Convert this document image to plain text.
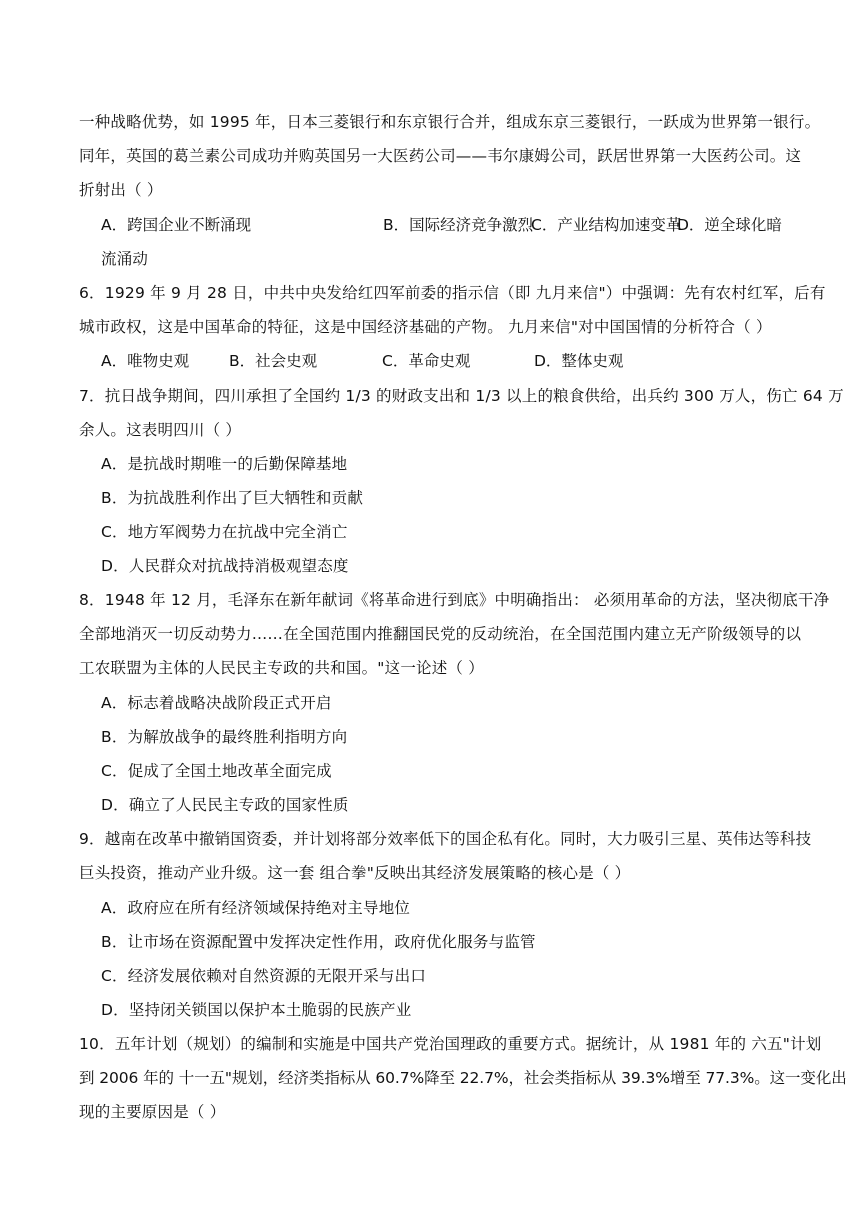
一种战略优势，如 1995 年，日本三菱银行和东京银行合并，组成东京三菱银行，一跃成为世界第一银行。
同年，英国的葛兰素公司成功并购英国另一大医药公司——韦尔康姆公司，跃居世界第一大医药公司。这
折射出（ ）
A．跨国企业不断涌现	B．国际经济竞争激烈
C．产业结构加速变革
D．逆全球化暗
流涌动
6．1929 年 9 月 28 日，中共中央发给红四军前委的指示信（即 九月来信"）中强调：先有农村红军，后有
城市政权，这是中国革命的特征，这是中国经济基础的产物。 九月来信"对中国国情的分析符合（ ）
A．唯物史观	B．社会史观	C．革命史观	D．整体史观
7．抗日战争期间，四川承担了全国约 1/3 的财政支出和 1/3 以上的粮食供给，出兵约 300 万人，伤亡 64 万
余人。这表明四川（ ）
A．是抗战时期唯一的后勤保障基地
B．为抗战胜利作出了巨大牺牲和贡献
C．地方军阀势力在抗战中完全消亡
D．人民群众对抗战持消极观望态度
8．1948 年 12 月，毛泽东在新年献词《将革命进行到底》中明确指出： 必须用革命的方法，坚决彻底干净
全部地消灭一切反动势力……在全国范围内推翻国民党的反动统治，在全国范围内建立无产阶级领导的以
工农联盟为主体的人民民主专政的共和国。"这一论述（ ）
A．标志着战略决战阶段正式开启
B．为解放战争的最终胜利指明方向
C．促成了全国土地改革全面完成
D．确立了人民民主专政的国家性质
9．越南在改革中撤销国资委，并计划将部分效率低下的国企私有化。同时，大力吸引三星、英伟达等科技
巨头投资，推动产业升级。这一套 组合拳"反映出其经济发展策略的核心是（ ）
A．政府应在所有经济领域保持绝对主导地位
B．让市场在资源配置中发挥决定性作用，政府优化服务与监管
C．经济发展依赖对自然资源的无限开采与出口
D．坚持闭关锁国以保护本土脆弱的民族产业
10．五年计划（规划）的编制和实施是中国共产党治国理政的重要方式。据统计，从 1981 年的 六五"计划
到 2006 年的 十一五"规划，经济类指标从 60.7%降至 22.7%，社会类指标从 39.3%增至 77.3%。这一变化出
现的主要原因是（ ）
